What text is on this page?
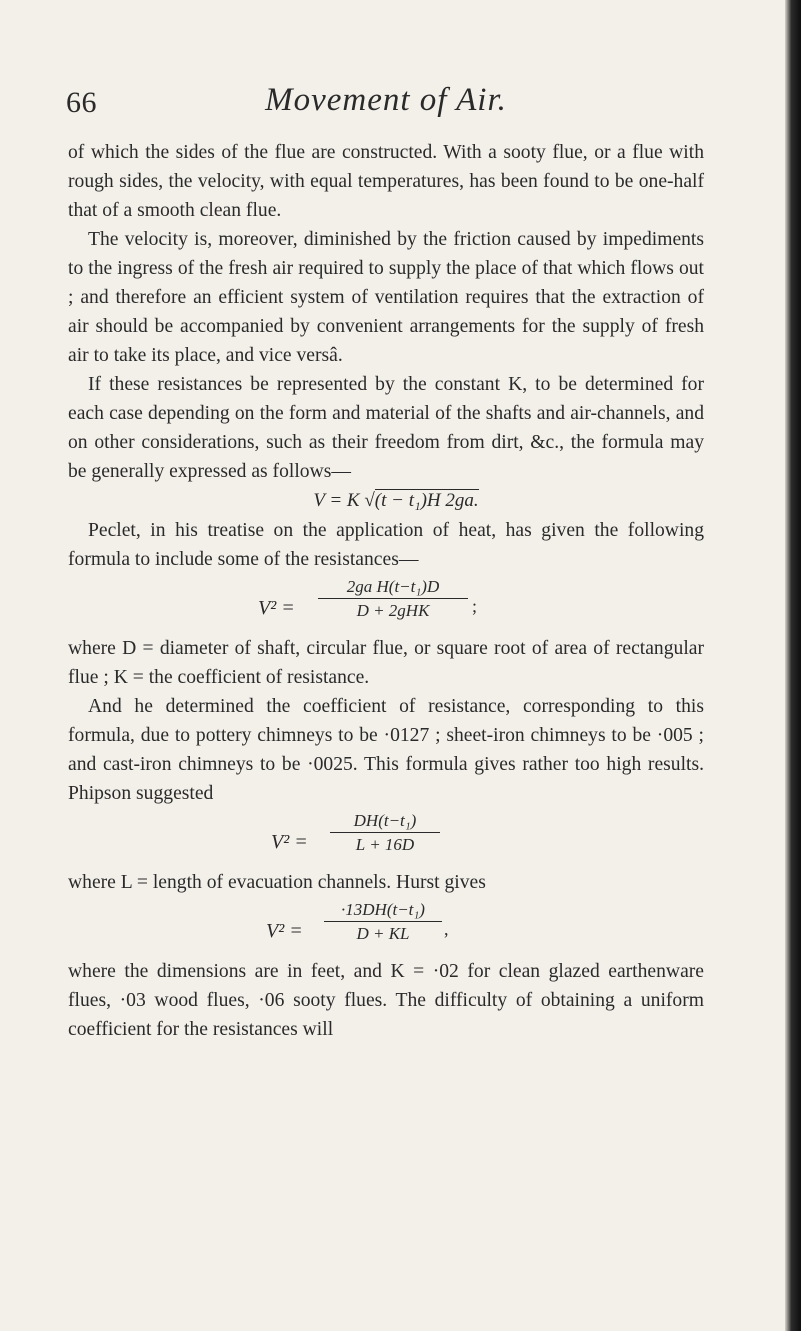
66	Movement of Air.

of which the sides of the flue are constructed. With a sooty flue, or a flue with rough sides, the velocity, with equal temperatures, has been found to be one-half that of a smooth clean flue.

The velocity is, moreover, diminished by the friction caused by impediments to the ingress of the fresh air required to supply the place of that which flows out ; and therefore an efficient system of ventilation requires that the extraction of air should be accompanied by convenient arrangements for the supply of fresh air to take its place, and vice versâ.

If these resistances be represented by the constant K, to be determined for each case depending on the form and material of the shafts and air-channels, and on other considerations, such as their freedom from dirt, &c., the formula may be generally expressed as follows—

V = K √(t − t₁)H 2ga.

Peclet, in his treatise on the application of heat, has given the following formula to include some of the resistances—

V² =
2ga H(t−t₁)D
D + 2gHK	;

where D = diameter of shaft, circular flue, or square root of area of rectangular flue ; K = the coefficient of resistance.

And he determined the coefficient of resistance, corresponding to this formula, due to pottery chimneys to be ·0127 ; sheet-iron chimneys to be ·005 ; and cast-iron chimneys to be ·0025. This formula gives rather too high results. Phipson suggested

$V^2 = \frac{\text{DH(t−t₁)}}{L + 16D}$

where L = length of evacuation channels. Hurst gives

$V^2 = \frac{\text{·13DH(t−t₁)}}{D + KL}$ ,

where the dimensions are in feet, and K = ·02 for clean glazed earthenware flues, ·03 wood flues, ·06 sooty flues. The difficulty of obtaining a uniform coefficient for the resistances will
